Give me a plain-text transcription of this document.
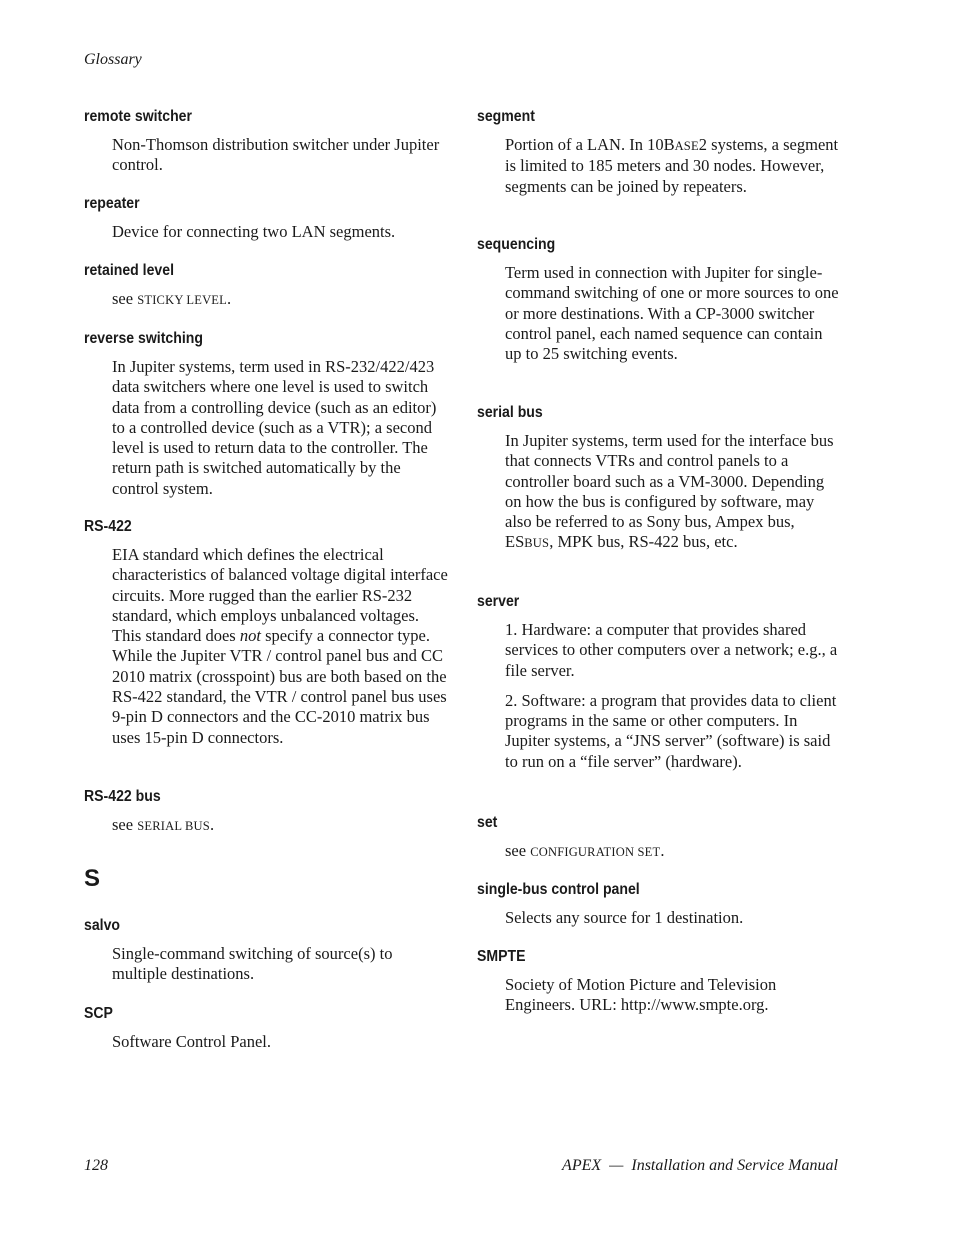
Glossary
remote switcher
Non-Thomson distribution switcher under Jupiter control.
repeater
Device for connecting two LAN segments.
retained level
see STICKY LEVEL.
reverse switching
In Jupiter systems, term used in RS-232/422/423 data switchers where one level is used to switch data from a controlling device (such as an editor) to a controlled device (such as a VTR); a second level is used to return data to the controller. The return path is switched automatically by the control system.
RS-422
EIA standard which defines the electrical characteristics of balanced voltage digital interface circuits. More rugged than the earlier RS-232 standard, which employs unbalanced voltages. This standard does not specify a connector type. While the Jupiter VTR / control panel bus and CC 2010 matrix (crosspoint) bus are both based on the RS-422 standard, the VTR / control panel bus uses 9-pin D connectors and the CC-2010 matrix bus uses 15-pin D connectors.
RS-422 bus
see SERIAL BUS.
S
salvo
Single-command switching of source(s) to multiple destinations.
SCP
Software Control Panel.
segment
Portion of a LAN. In 10BASE2 systems, a segment is limited to 185 meters and 30 nodes. However, segments can be joined by repeaters.
sequencing
Term used in connection with Jupiter for single-command switching of one or more sources to one or more destinations. With a CP-3000 switcher control panel, each named sequence can contain up to 25 switching events.
serial bus
In Jupiter systems, term used for the interface bus that connects VTRs and control panels to a controller board such as a VM-3000. Depending on how the bus is configured by software, may also be referred to as Sony bus, Ampex bus, ESBUS, MPK bus, RS-422 bus, etc.
server

1. Hardware: a computer that provides shared services to other computers over a network; e.g., a file server.

2. Software: a program that provides data to client programs in the same or other computers. In Jupiter systems, a “JNS server” (software) is said to run on a “file server” (hardware).

set
see CONFIGURATION SET.
single-bus control panel
Selects any source for 1 destination.
SMPTE
Society of Motion Picture and Television Engineers. URL: http://www.smpte.org.
128	APEX  —  Installation and Service Manual
